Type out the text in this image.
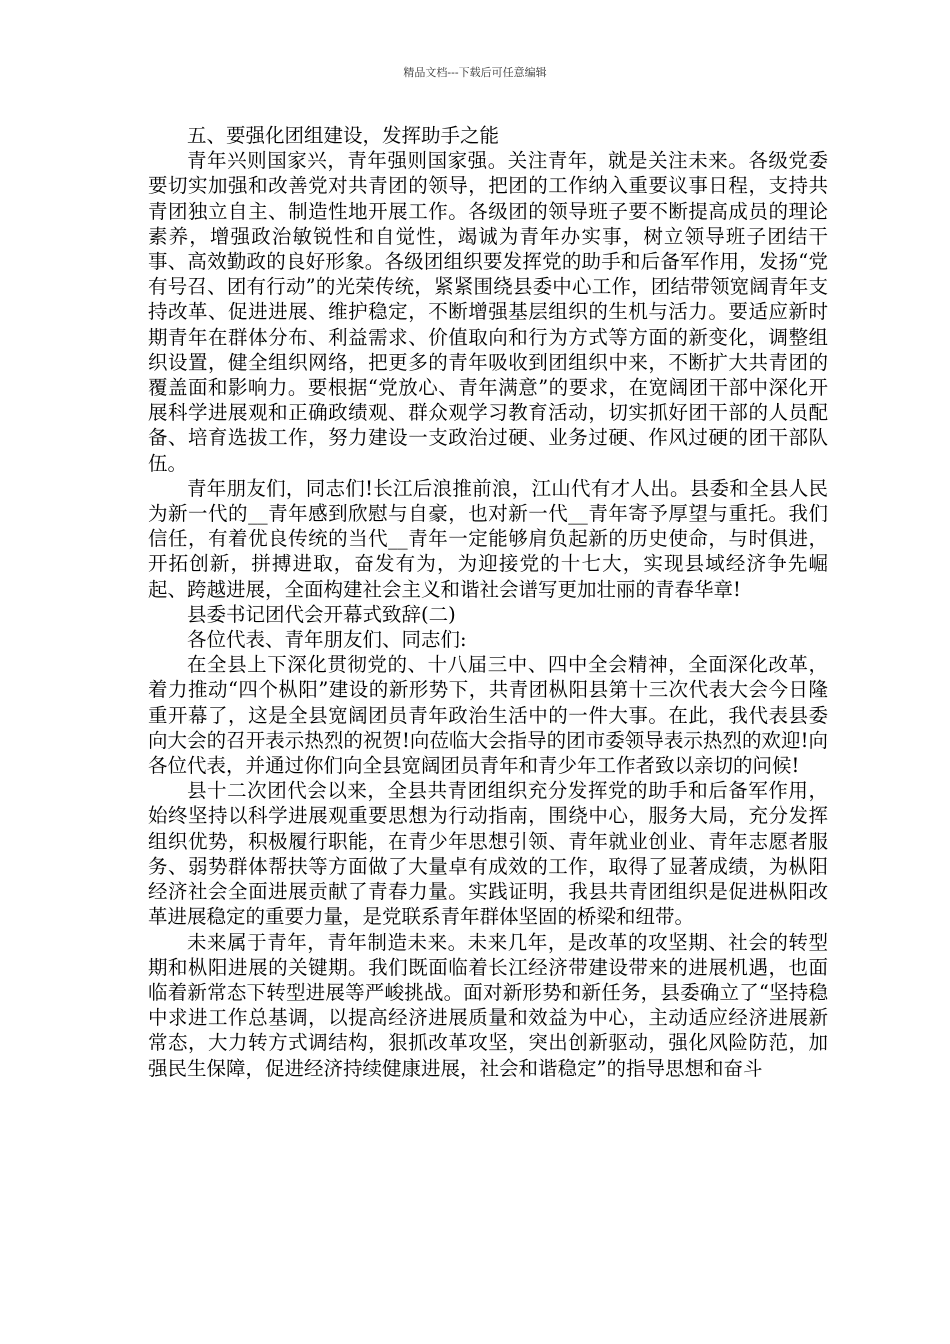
精品文档---下载后可任意编辑

五、要强化团组建设，发挥助手之能

青年兴则国家兴，青年强则国家强。关注青年，就是关注未来。各级党委要切实加强和改善党对共青团的领导，把团的工作纳入重要议事日程，支持共青团独立自主、制造性地开展工作。各级团的领导班子要不断提高成员的理论素养，增强政治敏锐性和自觉性，竭诚为青年办实事，树立领导班子团结干事、高效勤政的良好形象。各级团组织要发挥党的助手和后备军作用，发扬“党有号召、团有行动”的光荣传统，紧紧围绕县委中心工作，团结带领宽阔青年支持改革、促进进展、维护稳定，不断增强基层组织的生机与活力。要适应新时期青年在群体分布、利益需求、价值取向和行为方式等方面的新变化，调整组织设置，健全组织网络，把更多的青年吸收到团组织中来，不断扩大共青团的覆盖面和影响力。要根据“党放心、青年满意”的要求，在宽阔团干部中深化开展科学进展观和正确政绩观、群众观学习教育活动，切实抓好团干部的人员配备、培育选拔工作，努力建设一支政治过硬、业务过硬、作风过硬的团干部队伍。

青年朋友们，同志们!长江后浪推前浪，江山代有才人出。县委和全县人民为新一代的__青年感到欣慰与自豪，也对新一代__青年寄予厚望与重托。我们信任，有着优良传统的当代__青年一定能够肩负起新的历史使命，与时俱进，开拓创新，拼搏进取，奋发有为，为迎接党的十七大，实现县域经济争先崛起、跨越进展，全面构建社会主义和谐社会谱写更加壮丽的青春华章!

县委书记团代会开幕式致辞(二)

各位代表、青年朋友们、同志们:

在全县上下深化贯彻党的、十八届三中、四中全会精神，全面深化改革，着力推动“四个枞阳”建设的新形势下，共青团枞阳县第十三次代表大会今日隆重开幕了，这是全县宽阔团员青年政治生活中的一件大事。在此，我代表县委向大会的召开表示热烈的祝贺!向莅临大会指导的团市委领导表示热烈的欢迎!向各位代表，并通过你们向全县宽阔团员青年和青少年工作者致以亲切的问候!

县十二次团代会以来，全县共青团组织充分发挥党的助手和后备军作用，始终坚持以科学进展观重要思想为行动指南，围绕中心，服务大局，充分发挥组织优势，积极履行职能，在青少年思想引领、青年就业创业、青年志愿者服务、弱势群体帮扶等方面做了大量卓有成效的工作，取得了显著成绩，为枞阳经济社会全面进展贡献了青春力量。实践证明，我县共青团组织是促进枞阳改革进展稳定的重要力量，是党联系青年群体坚固的桥梁和纽带。

未来属于青年，青年制造未来。未来几年，是改革的攻坚期、社会的转型期和枞阳进展的关键期。我们既面临着长江经济带建设带来的进展机遇，也面临着新常态下转型进展等严峻挑战。面对新形势和新任务，县委确立了“坚持稳中求进工作总基调，以提高经济进展质量和效益为中心，主动适应经济进展新常态，大力转方式调结构，狠抓改革攻坚，突出创新驱动，强化风险防范，加强民生保障，促进经济持续健康进展，社会和谐稳定”的指导思想和奋斗
